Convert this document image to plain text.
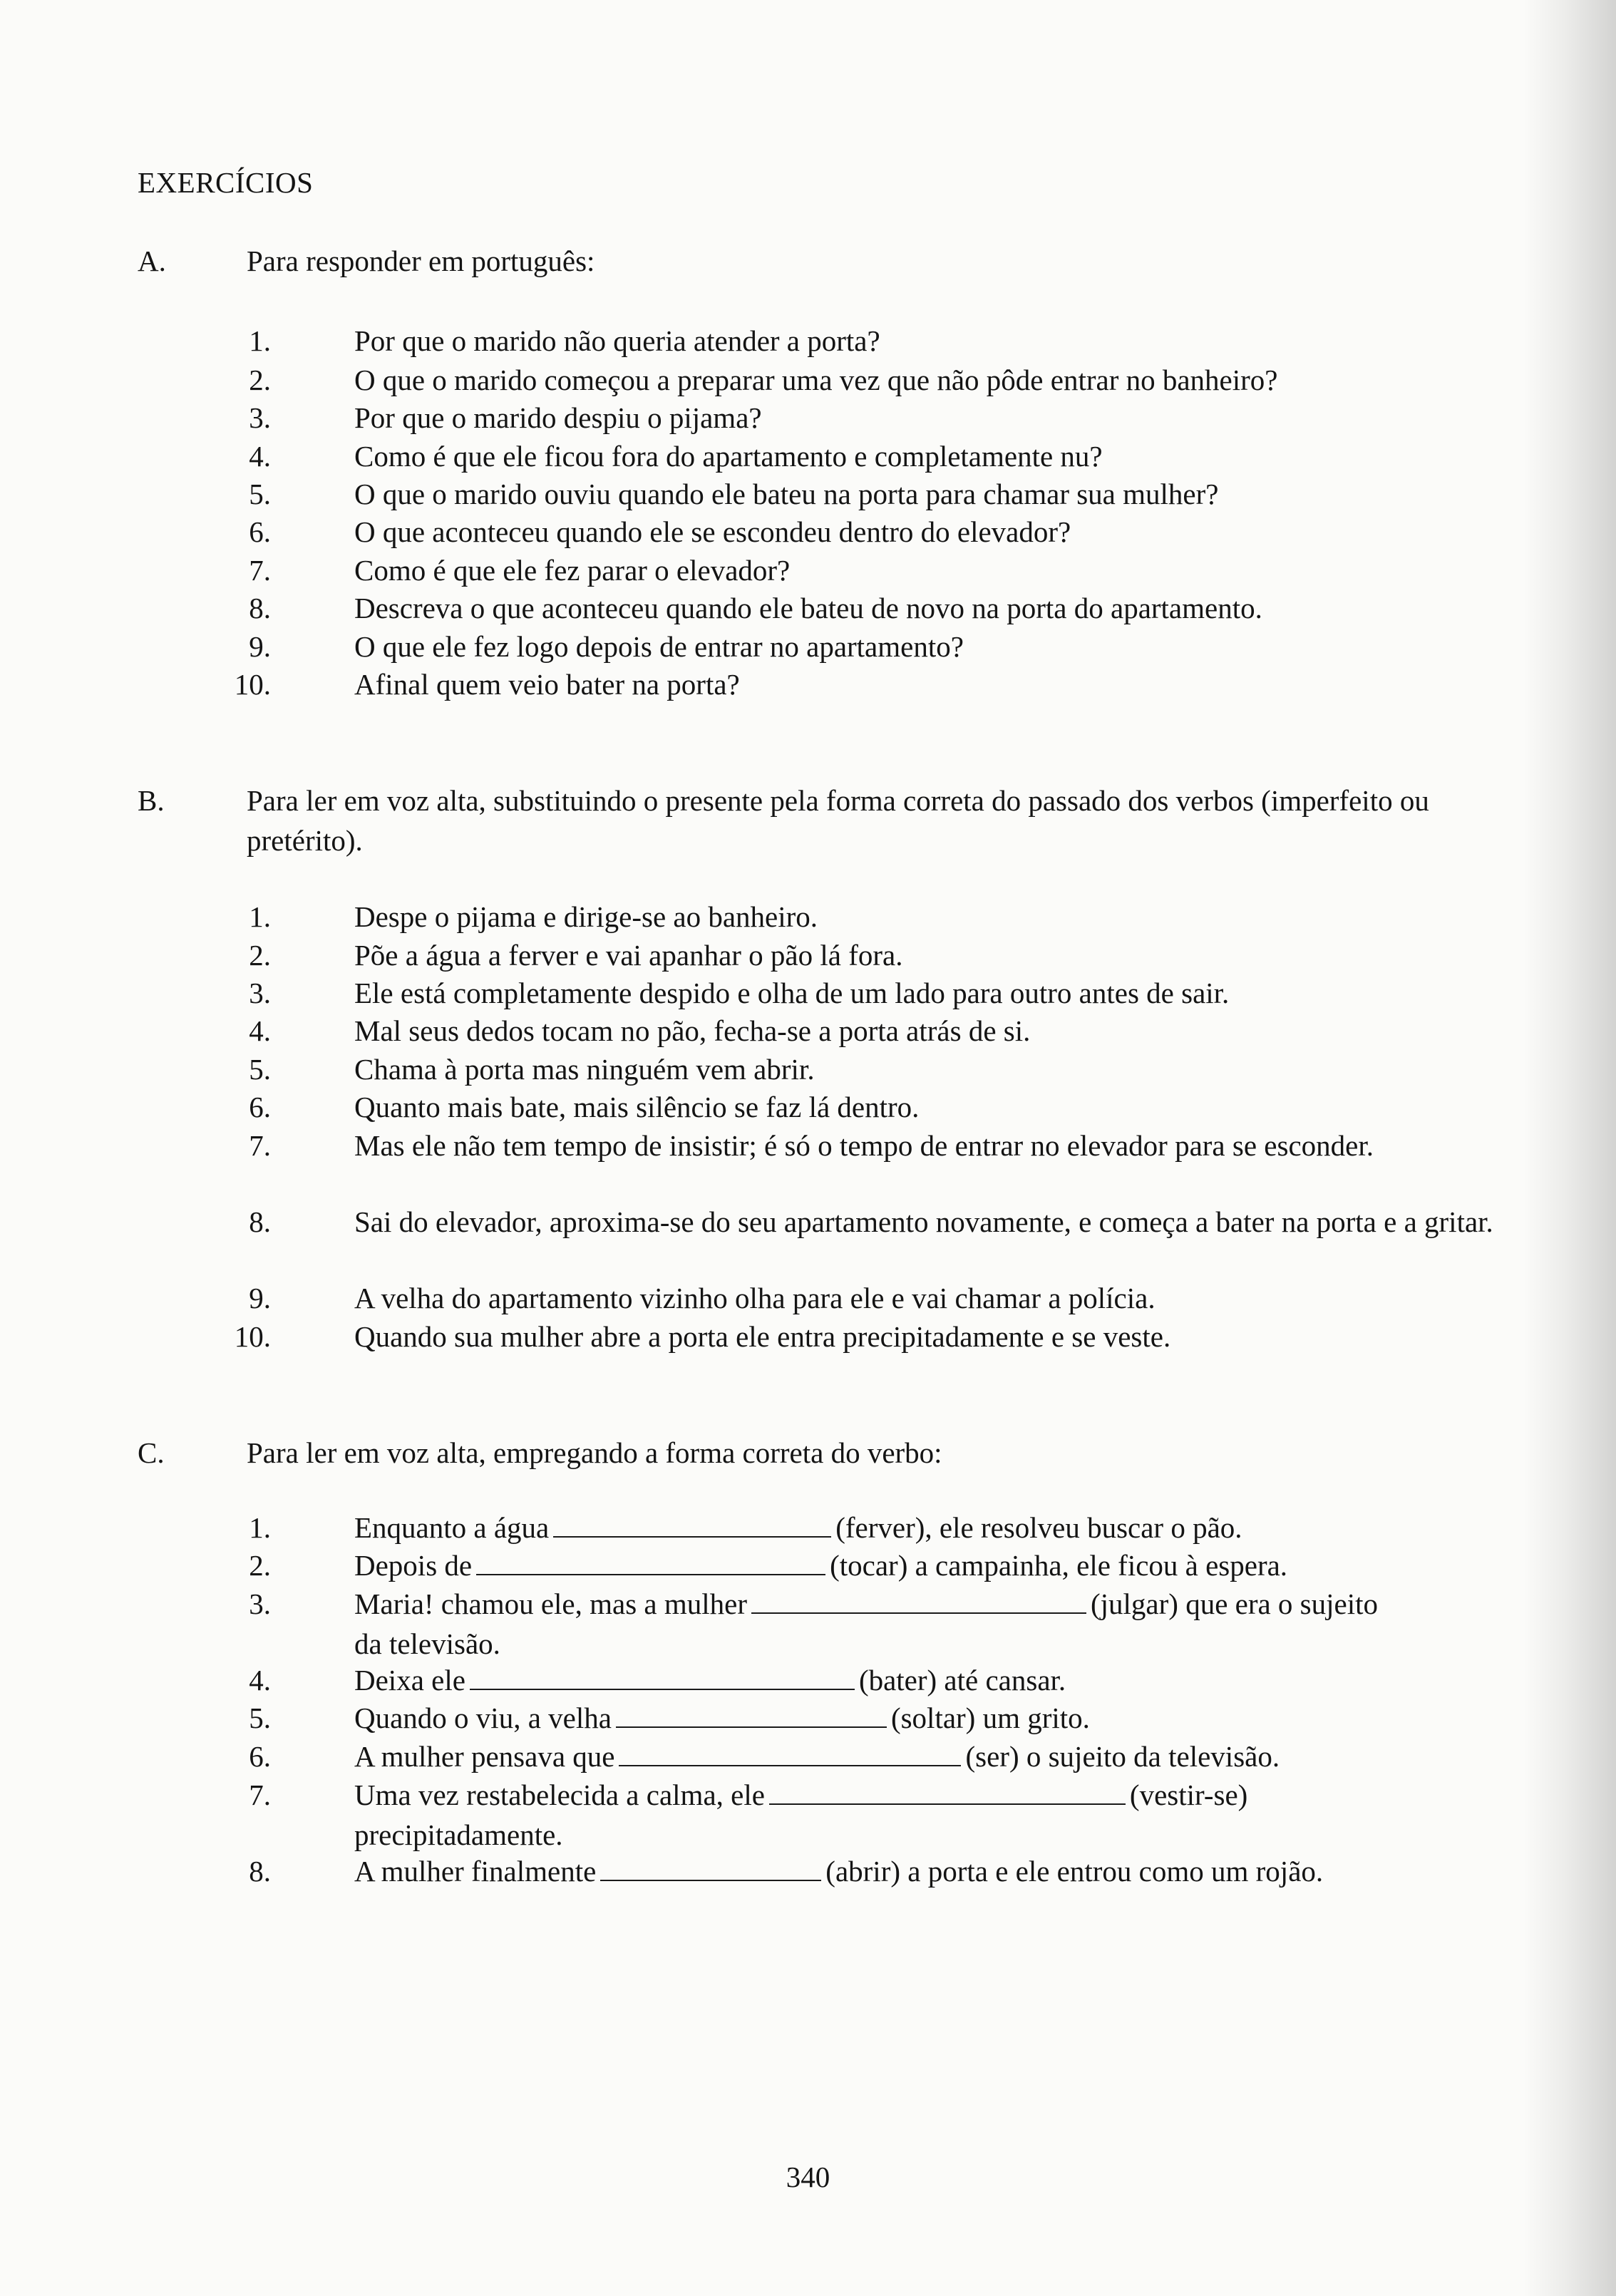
EXERCÍCIOS
A.	Para responder em português:
1.	Por que o marido não queria atender a porta?
2.	O que o marido começou a preparar uma vez que não pôde entrar no banheiro?
3.	Por que o marido despiu o pijama?
4.	Como é que ele ficou fora do apartamento e completamente nu?
5.	O que o marido ouviu quando ele bateu na porta para chamar sua mulher?
6.	O que aconteceu quando ele se escondeu dentro do elevador?
7.	Como é que ele fez parar o elevador?
8.	Descreva o que aconteceu quando ele bateu de novo na porta do apartamento.
9.	O que ele fez logo depois de entrar no apartamento?
10.	Afinal quem veio bater na porta?
B.	Para ler em voz alta, substituindo o presente pela forma correta do passado dos verbos (imperfeito ou pretérito).
1.	Despe o pijama e dirige-se ao banheiro.
2.	Põe a água a ferver e vai apanhar o pão lá fora.
3.	Ele está completamente despido e olha de um lado para outro antes de sair.
4.	Mal seus dedos tocam no pão, fecha-se a porta atrás de si.
5.	Chama à porta mas ninguém vem abrir.
6.	Quanto mais bate, mais silêncio se faz lá dentro.
7.	Mas ele não tem tempo de insistir; é só o tempo de entrar no elevador para se esconder.
8.	Sai do elevador, aproxima-se do seu apartamento novamente, e começa a bater na porta e a gritar.
9.	A velha do apartamento vizinho olha para ele e vai chamar a polícia.
10.	Quando sua mulher abre a porta ele entra precipitadamente e se veste.
C.	Para ler em voz alta, empregando a forma correta do verbo:
1.	Enquanto a água	(ferver), ele resolveu buscar o pão.
2.	Depois de	(tocar) a campainha, ele ficou à espera.
3.	Maria! chamou ele, mas a mulher	(julgar) que era o sujeito
da televisão.
4.	Deixa ele	(bater) até cansar.
5.	Quando o viu, a velha	(soltar) um grito.
6.	A mulher pensava que	(ser) o sujeito da televisão.
7.	Uma vez restabelecida a calma, ele	(vestir-se)
precipitadamente.
8.	A mulher finalmente	(abrir) a porta e ele entrou como um rojão.
340
